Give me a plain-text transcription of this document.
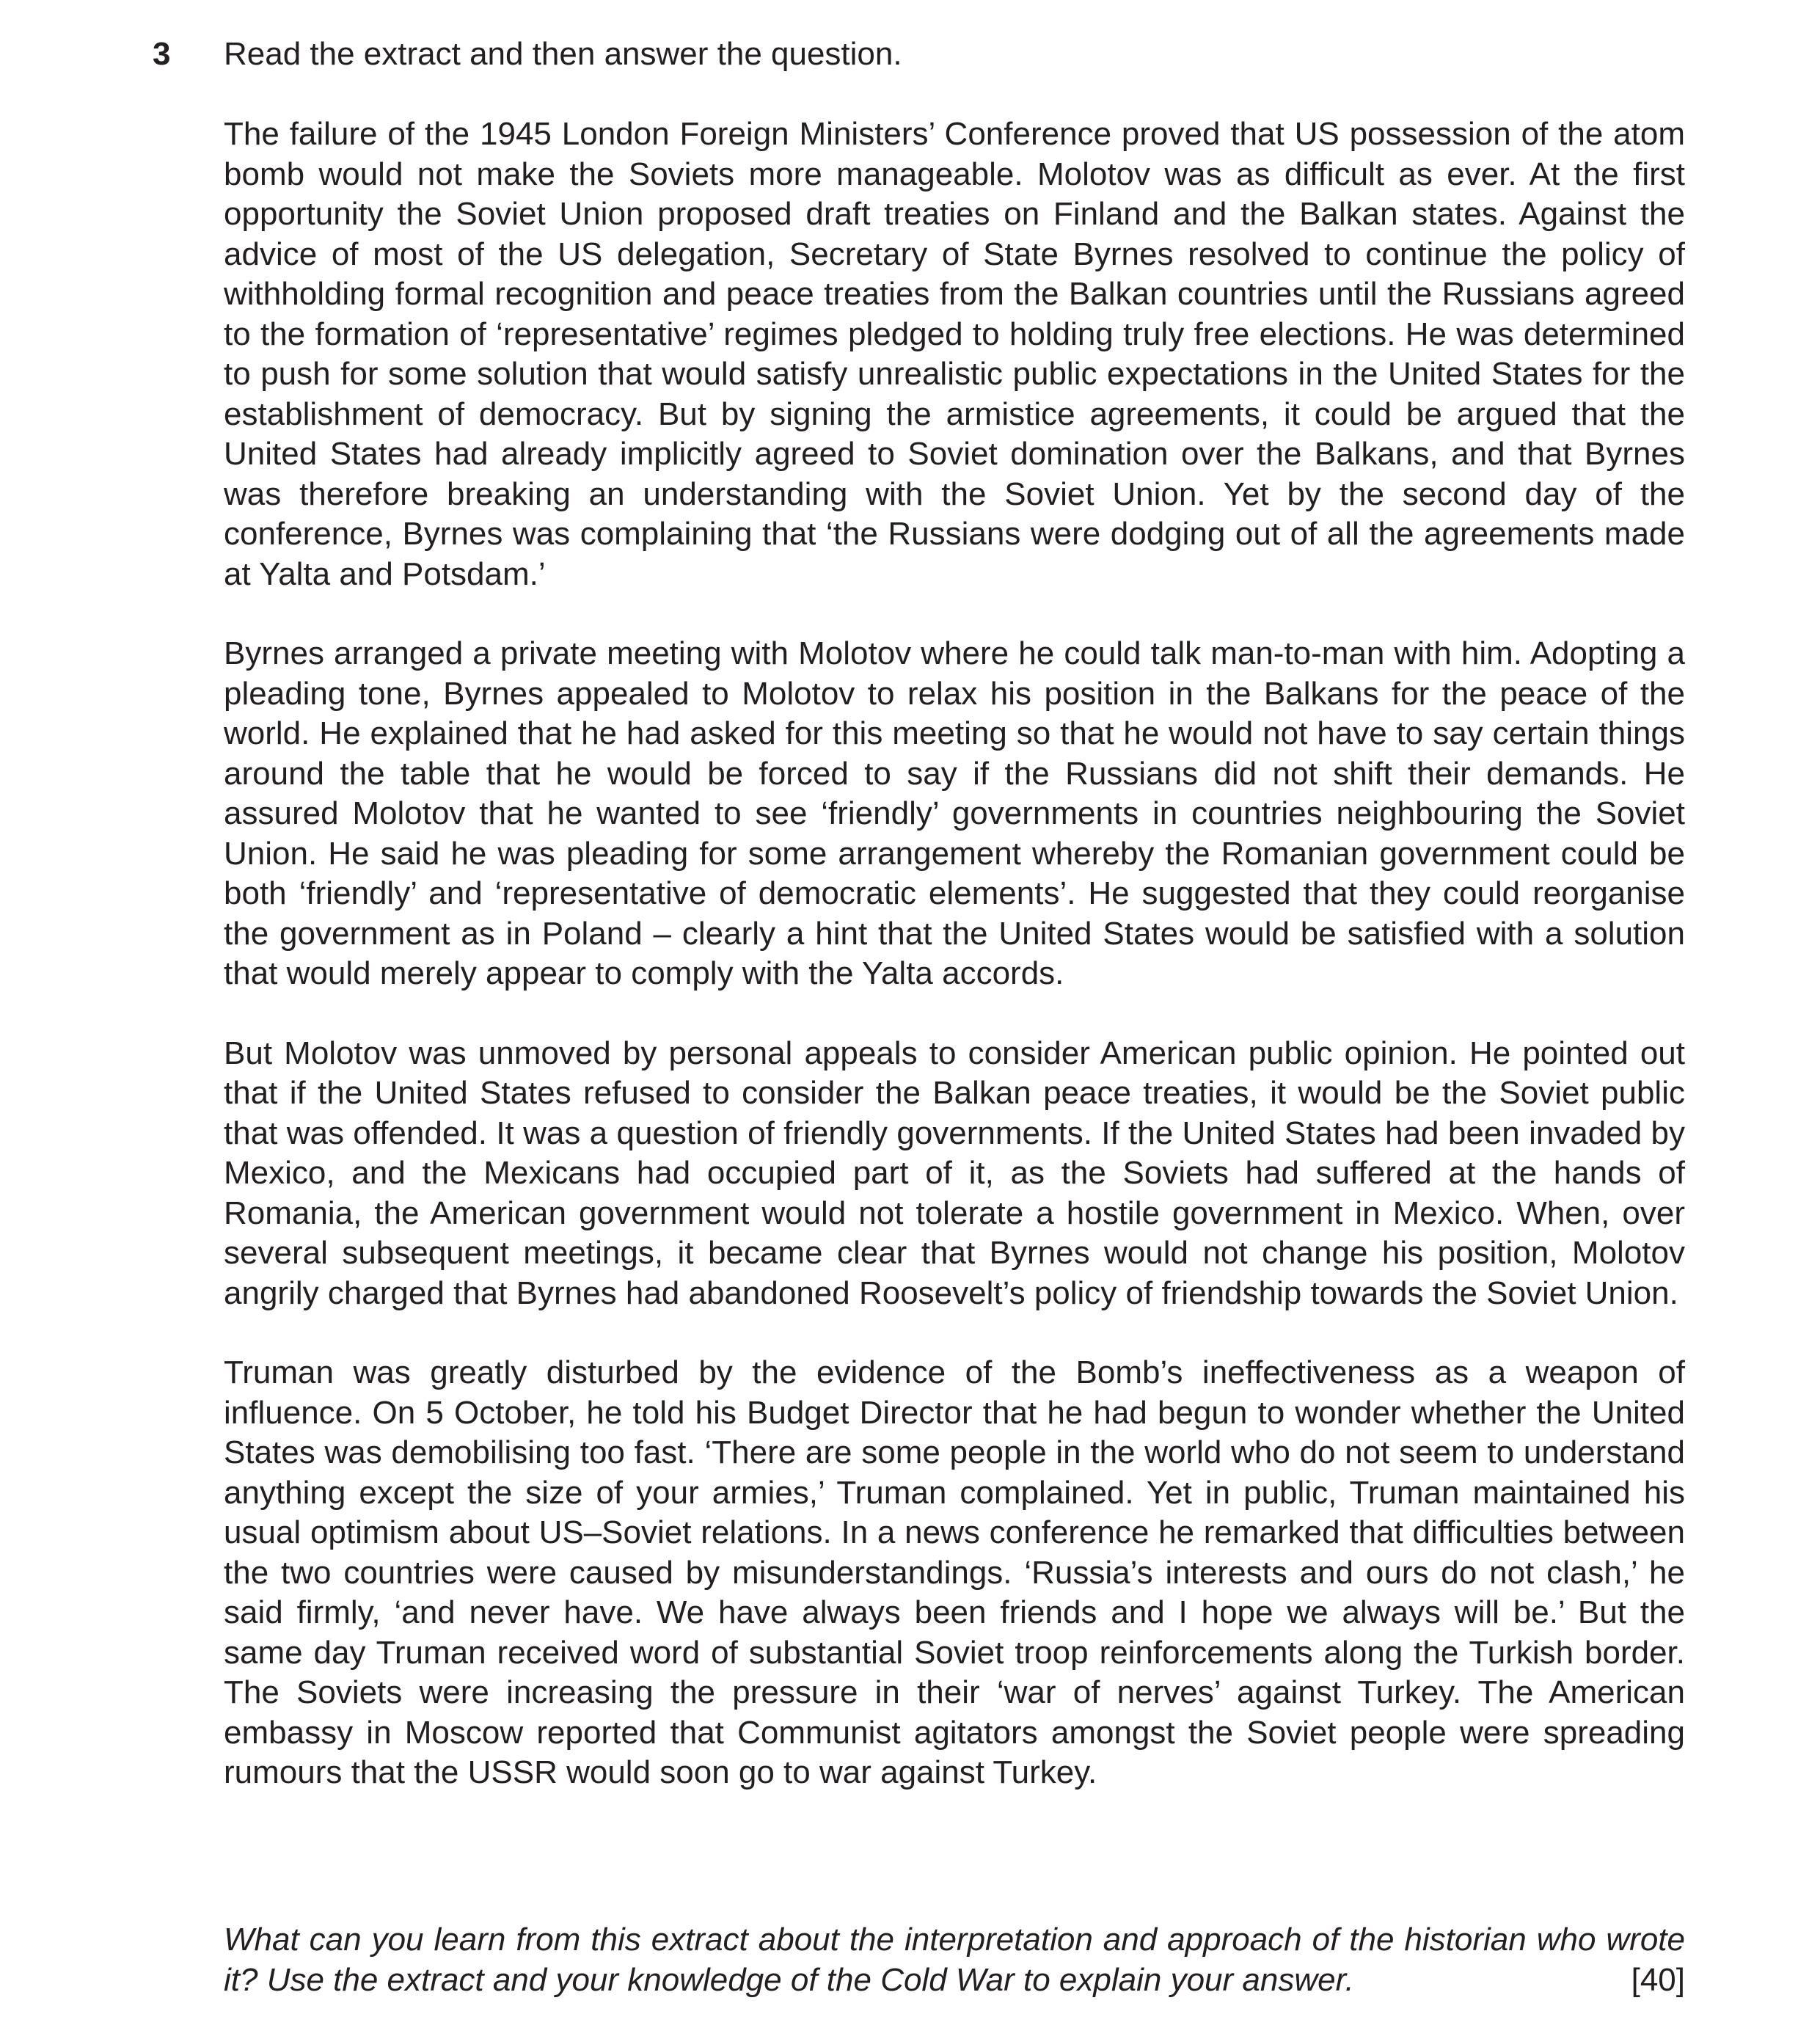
3 Read the extract and then answer the question.

The failure of the 1945 London Foreign Ministers’ Conference proved that US possession of the atom bomb would not make the Soviets more manageable. Molotov was as difficult as ever. At the first opportunity the Soviet Union proposed draft treaties on Finland and the Balkan states. Against the advice of most of the US delegation, Secretary of State Byrnes resolved to continue the policy of withholding formal recognition and peace treaties from the Balkan countries until the Russians agreed to the formation of ‘representative’ regimes pledged to holding truly free elections. He was determined to push for some solution that would satisfy unrealistic public expectations in the United States for the establishment of democracy. But by signing the armistice agreements, it could be argued that the United States had already implicitly agreed to Soviet domination over the Balkans, and that Byrnes was therefore breaking an understanding with the Soviet Union. Yet by the second day of the conference, Byrnes was complaining that ‘the Russians were dodging out of all the agreements made at Yalta and Potsdam.’

Byrnes arranged a private meeting with Molotov where he could talk man-to-man with him. Adopting a pleading tone, Byrnes appealed to Molotov to relax his position in the Balkans for the peace of the world. He explained that he had asked for this meeting so that he would not have to say certain things around the table that he would be forced to say if the Russians did not shift their demands. He assured Molotov that he wanted to see ‘friendly’ governments in countries neighbouring the Soviet Union. He said he was pleading for some arrangement whereby the Romanian government could be both ‘friendly’ and ‘representative of democratic elements’. He suggested that they could reorganise the government as in Poland – clearly a hint that the United States would be satisfied with a solution that would merely appear to comply with the Yalta accords.

But Molotov was unmoved by personal appeals to consider American public opinion. He pointed out that if the United States refused to consider the Balkan peace treaties, it would be the Soviet public that was offended. It was a question of friendly governments. If the United States had been invaded by Mexico, and the Mexicans had occupied part of it, as the Soviets had suffered at the hands of Romania, the American government would not tolerate a hostile government in Mexico. When, over several subsequent meetings, it became clear that Byrnes would not change his position, Molotov angrily charged that Byrnes had abandoned Roosevelt’s policy of friendship towards the Soviet Union.

Truman was greatly disturbed by the evidence of the Bomb’s ineffectiveness as a weapon of influence. On 5 October, he told his Budget Director that he had begun to wonder whether the United States was demobilising too fast. ‘There are some people in the world who do not seem to understand anything except the size of your armies,’ Truman complained. Yet in public, Truman maintained his usual optimism about US–Soviet relations. In a news conference he remarked that difficulties between the two countries were caused by misunderstandings. ‘Russia’s interests and ours do not clash,’ he said firmly, ‘and never have. We have always been friends and I hope we always will be.’ But the same day Truman received word of substantial Soviet troop reinforcements along the Turkish border. The Soviets were increasing the pressure in their ‘war of nerves’ against Turkey. The American embassy in Moscow reported that Communist agitators amongst the Soviet people were spreading rumours that the USSR would soon go to war against Turkey.

What can you learn from this extract about the interpretation and approach of the historian who wrote it? Use the extract and your knowledge of the Cold War to explain your answer.	[40]
